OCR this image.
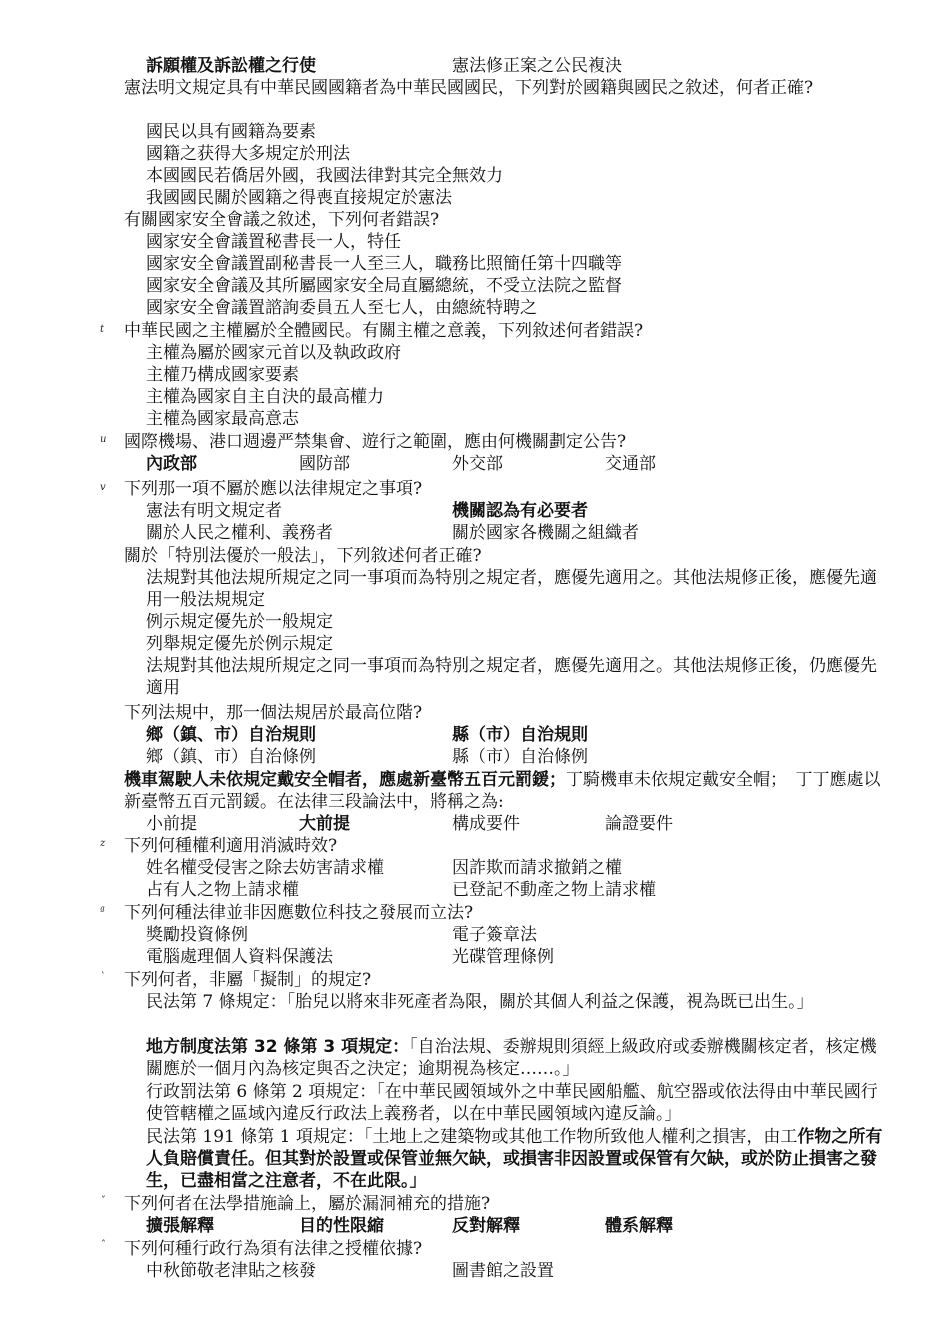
t
u
v
z
ª
`
ˇ
ˆ
訴願權及訴訟權之行使	憲法修正案之公民複決
憲法明文規定具有中華民國國籍者為中華民國國民，下列對於國籍與國民之敘述，何者正確?
國民以具有國籍為要素
國籍之获得大多規定於刑法
本國國民若僑居外國，我國法律對其完全無效力
我國國民關於國籍之得喪直接規定於憲法
有關國家安全會議之敘述，下列何者錯誤?
國家安全會議置秘書長一人，特任
國家安全會議置副秘書長一人至三人，職務比照簡任第十四職等
國家安全會議及其所屬國家安全局直屬總統，不受立法院之監督
國家安全會議置諮詢委員五人至七人，由總統特聘之
中華民國之主權屬於全體國民。有關主權之意義，下列敘述何者錯誤?
主權為屬於國家元首以及執政政府
主權乃構成國家要素
主權為國家自主自決的最高權力
主權為國家最高意志
國際機場、港口週邊严禁集會、遊行之範圍，應由何機關劃定公告?
內政部	國防部	外交部	交通部
下列那一項不屬於應以法律規定之事項?
憲法有明文規定者	機關認為有必要者
關於人民之權利、義務者	關於國家各機關之組織者
關於「特別法優於一般法」，下列敘述何者正確?
法規對其他法規所規定之同一事項而為特別之規定者，應優先適用之。其他法規修正後，應優先適用一般法規規定
例示規定優先於一般規定
列舉規定優先於例示規定
法規對其他法規所規定之同一事項而為特別之規定者，應優先適用之。其他法規修正後，仍應優先適用
下列法規中，那一個法規居於最高位階?
鄉（鎮、市）自治規則	縣（市）自治規則
鄉（鎮、市）自治條例	縣（市）自治條例
機車駕駛人未依規定戴安全帽者，應處新臺幣五百元罰鍰；丁騎機車未依規定戴安全帽；　丁丁應處以新臺幣五百元罰鍰。在法律三段論法中，將稱之為:
小前提	大前提	構成要件	論證要件
下列何種權利適用消滅時效?
姓名權受侵害之除去妨害請求權	因詐欺而請求撤銷之權
占有人之物上請求權	已登記不動產之物上請求權
下列何種法律並非因應數位科技之發展而立法?
獎勵投資條例	電子簽章法
電腦處理個人資料保護法	光碟管理條例
下列何者，非屬「擬制」的規定?
民法第 7 條規定：「胎兒以將來非死產者為限，關於其個人利益之保護，視為既已出生。」
地方制度法第 32 條第 3 項規定：「自治法規、委辦規則須經上級政府或委辦機關核定者，核定機關應於一個月內為核定與否之決定；逾期視為核定……。」
行政罰法第 6 條第 2 項規定：「在中華民國領域外之中華民國船艦、航空器或依法得由中華民國行使管轄權之區域內違反行政法上義務者，以在中華民國領域內違反論。」
民法第 191 條第 1 項規定：「土地上之建築物或其他工作物所致他人權利之損害，由工作物之所有人負賠償責任。但其對於設置或保管並無欠缺，或損害非因設置或保管有欠缺，或於防止損害之發生，已盡相當之注意者，不在此限。」
下列何者在法學措施論上，屬於漏洞補充的措施?
擴張解釋	目的性限縮	反對解釋	體系解釋
下列何種行政行為須有法律之授權依據?
中秋節敬老津貼之核發	圖書館之設置
